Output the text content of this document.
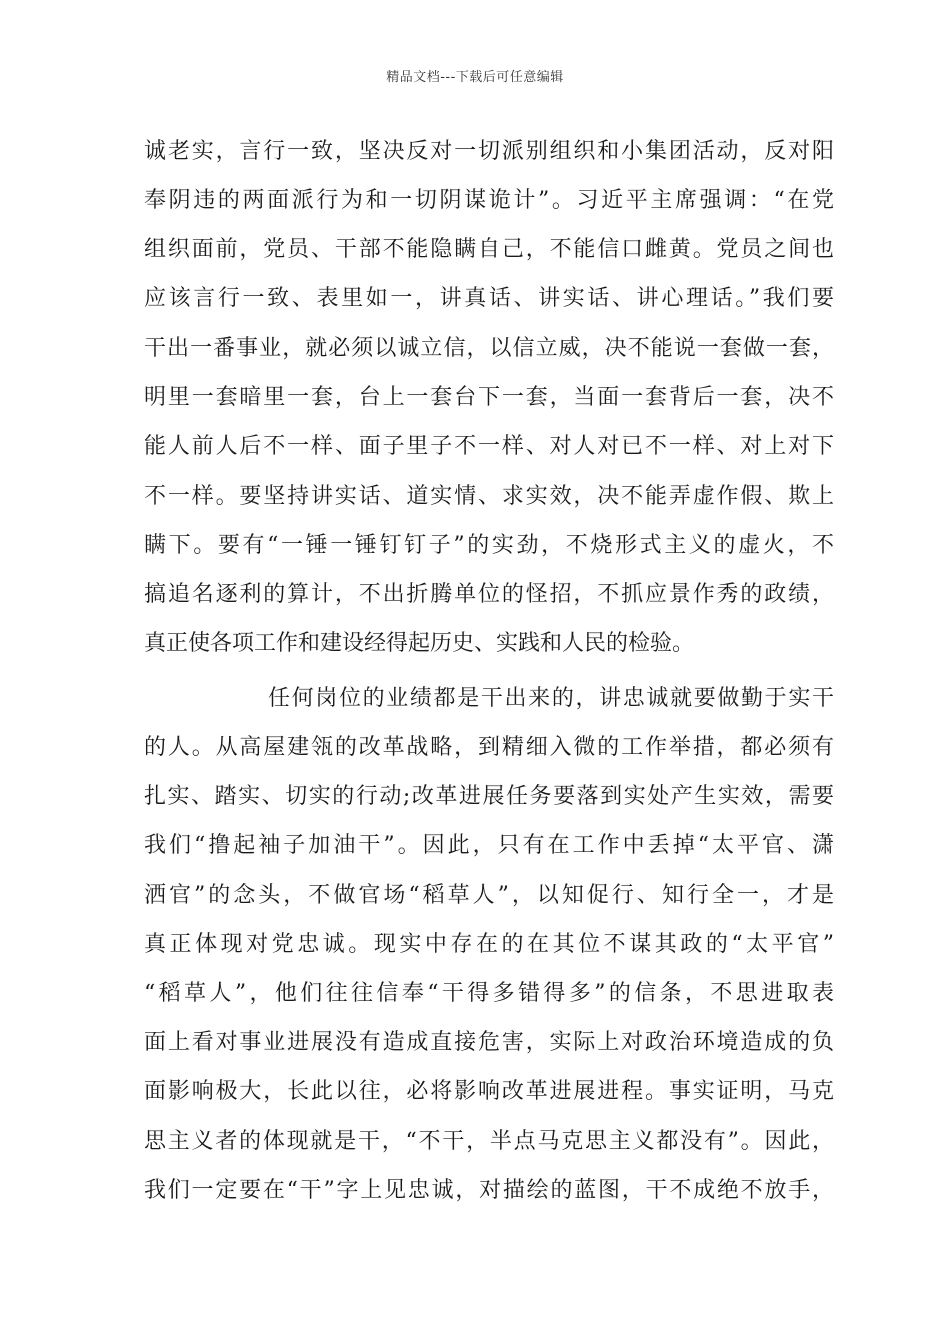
精品文档---下载后可任意编辑
诚老实，言行一致，坚决反对一切派别组织和小集团活动，反对阳
奉阴违的两面派行为和一切阴谋诡计”。习近平主席强调：“在党
组织面前，党员、干部不能隐瞒自己，不能信口雌黄。党员之间也
应该言行一致、表里如一，讲真话、讲实话、讲心理话。”我们要
干出一番事业，就必须以诚立信，以信立威，决不能说一套做一套，
明里一套暗里一套，台上一套台下一套，当面一套背后一套，决不
能人前人后不一样、面子里子不一样、对人对已不一样、对上对下
不一样。要坚持讲实话、道实情、求实效，决不能弄虚作假、欺上
瞒下。要有“一锤一锤钉钉子”的实劲，不烧形式主义的虚火，不
搞追名逐利的算计，不出折腾单位的怪招，不抓应景作秀的政绩，
真正使各项工作和建设经得起历史、实践和人民的检验。
任何岗位的业绩都是干出来的，讲忠诚就要做勤于实干
的人。从高屋建瓴的改革战略，到精细入微的工作举措，都必须有
扎实、踏实、切实的行动;改革进展任务要落到实处产生实效，需要
我们“撸起袖子加油干”。因此，只有在工作中丢掉“太平官、潇
洒官”的念头，不做官场“稻草人”，以知促行、知行全一，才是
真正体现对党忠诚。现实中存在的在其位不谋其政的“太平官”
“稻草人”，他们往往信奉“干得多错得多”的信条，不思进取表
面上看对事业进展没有造成直接危害，实际上对政治环境造成的负
面影响极大，长此以往，必将影响改革进展进程。事实证明，马克
思主义者的体现就是干，“不干，半点马克思主义都没有”。因此，
我们一定要在“干”字上见忠诚，对描绘的蓝图，干不成绝不放手，
